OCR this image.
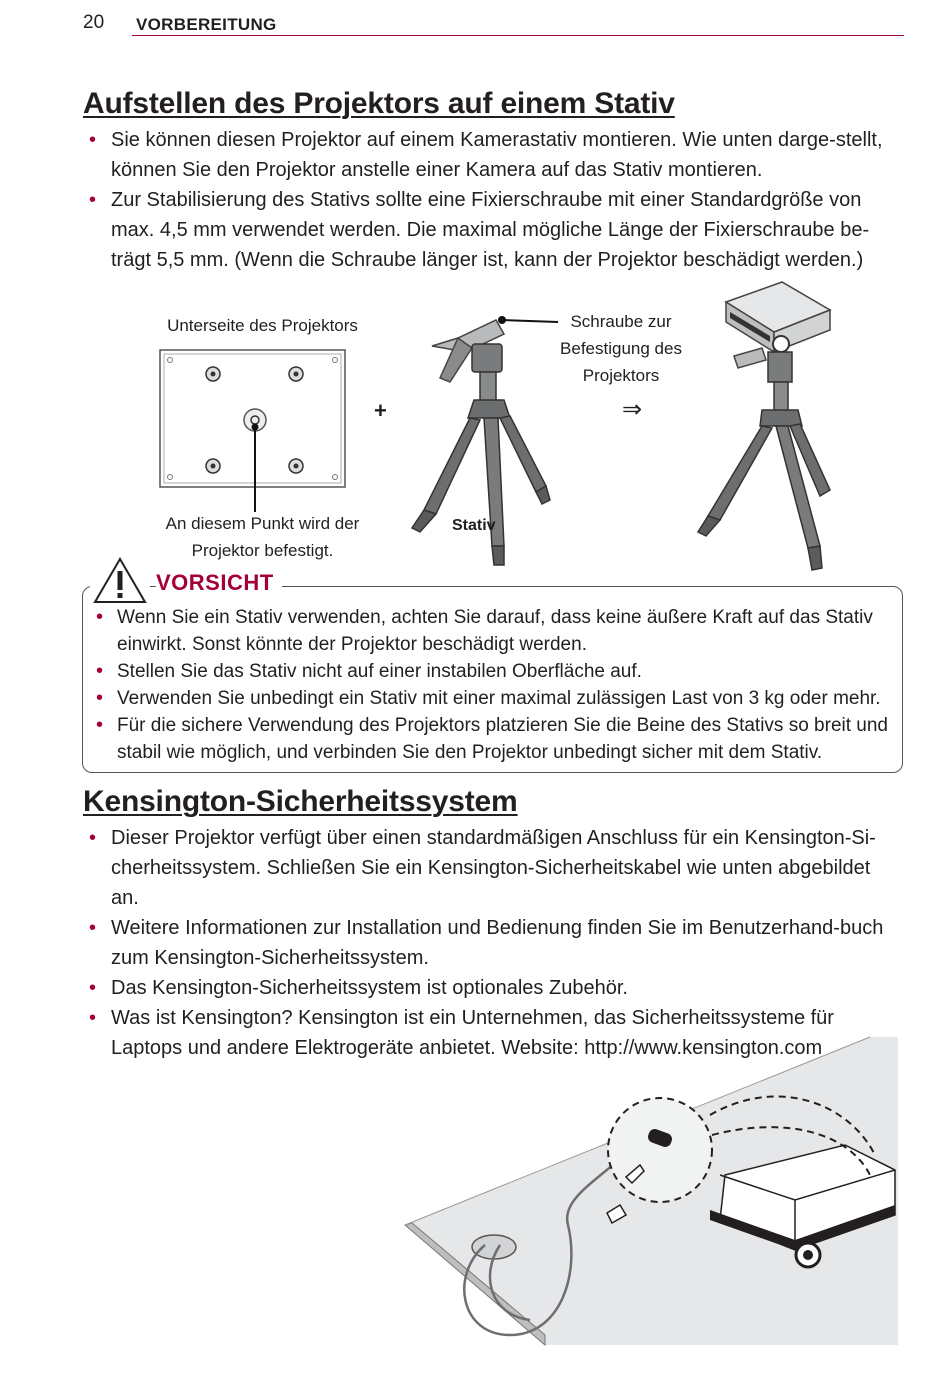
20 VORBEREITUNG
Aufstellen des Projektors auf einem Stativ
• Sie können diesen Projektor auf einem Kamerastativ montieren. Wie unten darge-stellt, können Sie den Projektor anstelle einer Kamera auf das Stativ montieren.
• Zur Stabilisierung des Stativs sollte eine Fixierschraube mit einer Standardgröße von max. 4,5 mm verwendet werden. Die maximal mögliche Länge der Fixierschraube be-trägt 5,5 mm. (Wenn die Schraube länger ist, kann der Projektor beschädigt werden.)
Unterseite des Projektors
An diesem Punkt wird der Projektor befestigt.
+
Stativ
Schraube zur Befestigung des Projektors
⇒
VORSICHT
• Wenn Sie ein Stativ verwenden, achten Sie darauf, dass keine äußere Kraft auf das Stativ einwirkt. Sonst könnte der Projektor beschädigt werden.
• Stellen Sie das Stativ nicht auf einer instabilen Oberfläche auf.
• Verwenden Sie unbedingt ein Stativ mit einer maximal zulässigen Last von 3 kg oder mehr.
• Für die sichere Verwendung des Projektors platzieren Sie die Beine des Stativs so breit und stabil wie möglich, und verbinden Sie den Projektor unbedingt sicher mit dem Stativ.
Kensington-Sicherheitssystem
• Dieser Projektor verfügt über einen standardmäßigen Anschluss für ein Kensington-Si-cherheitssystem. Schließen Sie ein Kensington-Sicherheitskabel wie unten abgebildet an.
• Weitere Informationen zur Installation und Bedienung finden Sie im Benutzerhand-buch zum Kensington-Sicherheitssystem.
• Das Kensington-Sicherheitssystem ist optionales Zubehör.
• Was ist Kensington? Kensington ist ein Unternehmen, das Sicherheitssysteme für Laptops und andere Elektrogeräte anbietet. Website: http://www.kensington.com
